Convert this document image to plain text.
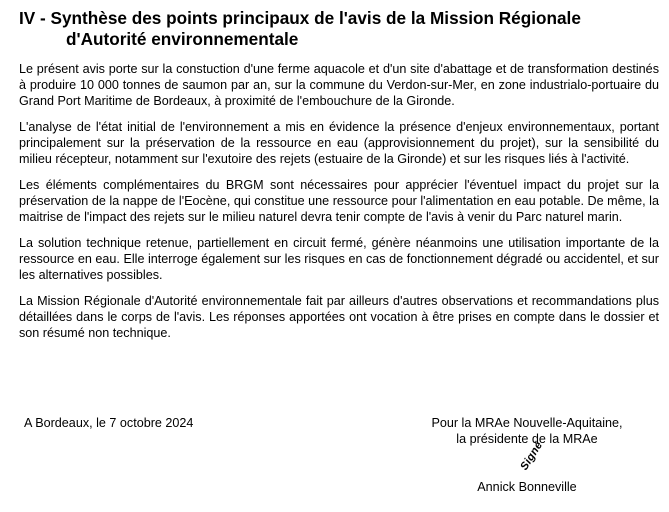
IV - Synthèse des points principaux de l'avis de la Mission Régionale
d'Autorité environnementale

Le présent avis porte sur la constuction d'une ferme aquacole et d'un site d'abattage et de transformation destinés à produire 10 000 tonnes de saumon par an, sur la commune du Verdon-sur-Mer, en zone industrialo-portuaire du Grand Port Maritime de Bordeaux, à proximité de l'embouchure de la Gironde.

L'analyse de l'état initial de l'environnement a mis en évidence la présence d'enjeux environnementaux, portant principalement sur la préservation de la ressource en eau (approvisionnement du projet), sur la sensibilité du milieu récepteur, notamment sur l'exutoire des rejets (estuaire de la Gironde) et sur les risques liés à l'activité.

Les éléments complémentaires du BRGM sont nécessaires pour apprécier l'éventuel impact du projet sur la préservation de la nappe de l'Eocène, qui constitue une ressource pour l'alimentation en eau potable. De même, la maitrise de l'impact des rejets sur le milieu naturel devra tenir compte de l'avis à venir du Parc naturel marin.

La solution technique retenue, partiellement en circuit fermé, génère néanmoins une utilisation importante de la ressource en eau. Elle interroge également sur les risques en cas de fonctionnement dégradé ou accidentel, et sur les alternatives possibles.

La Mission Régionale d'Autorité environnementale fait par ailleurs d'autres observations et recommandations plus détaillées dans le corps de l'avis. Les réponses apportées ont vocation à être prises en compte dans le dossier et son résumé non technique.

A Bordeaux, le 7 octobre 2024	Pour la MRAe Nouvelle-Aquitaine,
la présidente de la MRAe
Signé
Annick Bonneville
